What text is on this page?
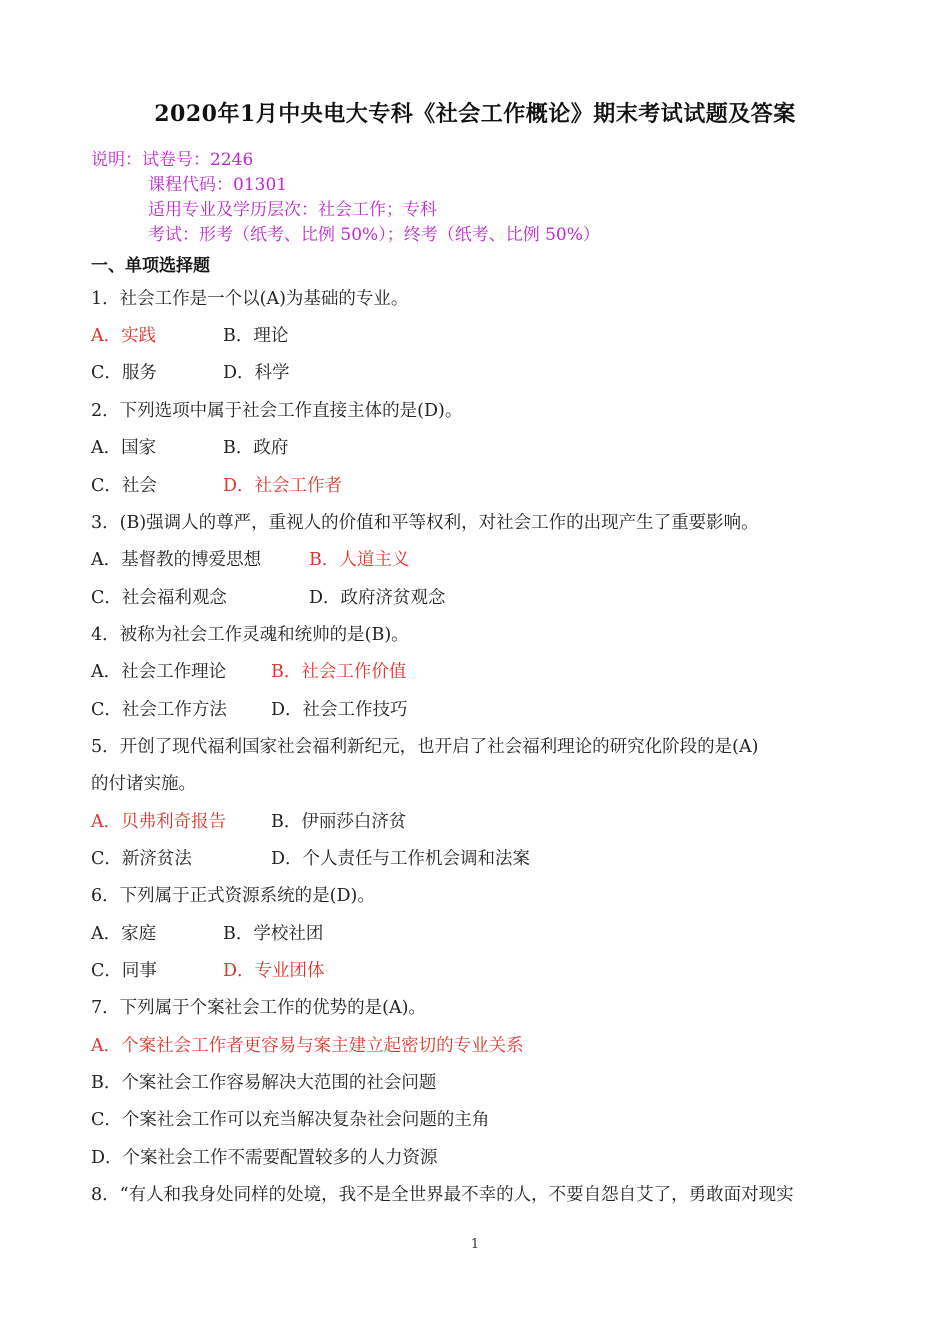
2020年1月中央电大专科《社会工作概论》期末考试试题及答案
说明：试卷号：2246
课程代码：01301
适用专业及学历层次：社会工作；专科
考试：形考（纸考、比例 50%）；终考（纸考、比例 50%）
一、单项选择题
1．社会工作是一个以(A)为基础的专业。
A．实践	B．理论
C．服务	D．科学
2．下列选项中属于社会工作直接主体的是(D)。
A．国家	B．政府
C．社会	D．社会工作者
3．(B)强调人的尊严，重视人的价值和平等权利，对社会工作的出现产生了重要影响。
A．基督教的博爱思想	B．人道主义
C．社会福利观念	D．政府济贫观念
4．被称为社会工作灵魂和统帅的是(B)。
A．社会工作理论	B．社会工作价值
C．社会工作方法	D．社会工作技巧
5．开创了现代福利国家社会福利新纪元，也开启了社会福利理论的研究化阶段的是(A)
的付诸实施。
A．贝弗利奇报告	B．伊丽莎白济贫
C．新济贫法	D．个人责任与工作机会调和法案
6．下列属于正式资源系统的是(D)。
A．家庭	B．学校社团
C．同事	D．专业团体
7．下列属于个案社会工作的优势的是(A)。
A．个案社会工作者更容易与案主建立起密切的专业关系
B．个案社会工作容易解决大范围的社会问题
C．个案社会工作可以充当解决复杂社会问题的主角
D．个案社会工作不需要配置较多的人力资源
8．“有人和我身处同样的处境，我不是全世界最不幸的人，不要自怨自艾了，勇敢面对现实
1
